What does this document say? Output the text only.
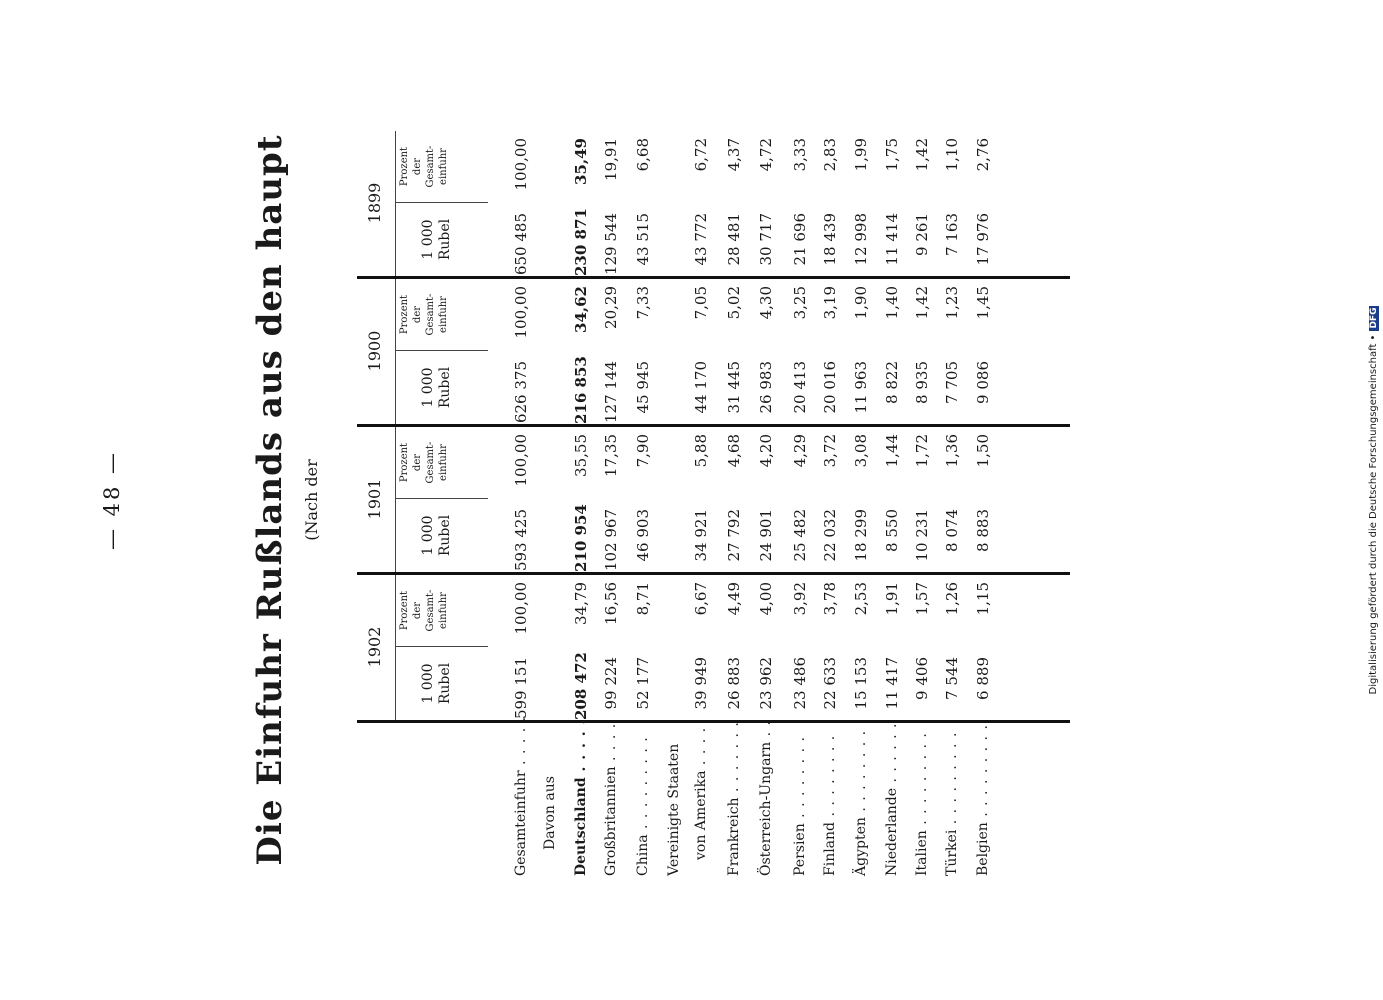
— 48 —	Die Einfuhr Rußlands aus den haupt (Nach der	Digitalisierung gefördert durch die Deutsche Forschungsgemeinschaft •DFG
1902
1 000
Rubel
Prozent
der
Gesamt-
einfuhr
1901
1 000
Rubel
Prozent
der
Gesamt-
einfuhr
1900
1 000
Rubel
Prozent
der
Gesamt-
einfuhr
1899
1 000
Rubel
Prozent
der
Gesamt-
einfuhr
Gesamteinfuhr . . . . .
599 151
100,00
593 425
100,00
626 375
100,00
650 485
100,00
Davon aus Deutschland . . . . .
208 472
34,79
210 954
35,55
216 853
34,62
230 871
35,49
Großbritannien . . . .
99 224
16,56
102 967
17,35
127 144
20,29
129 544
19,91
China . . . . . . . . .
52 177
8,71
46 903
7,90
45 945
7,33
43 515
6,68
Vereinigte Staaten von Amerika . . . .
39 949
6,67
34 921
5,88
44 170
7,05
43 772
6,72
Frankreich . . . . . . .
26 883
4,49
27 792
4,68
31 445
5,02
28 481
4,37
Österreich-Ungarn . .
23 962
4,00
24 901
4,20
26 983
4,30
30 717
4,72
Persien . . . . . . . .
23 486
3,92
25 482
4,29
20 413
3,25
21 696
3,33
Finland . . . . . . . .
22 633
3,78
22 032
3,72
20 016
3,19
18 439
2,83
Ägypten . . . . . . . .
15 153
2,53
18 299
3,08
11 963
1,90
12 998
1,99
Niederlande . . . . . .
11 417
1,91
8 550
1,44
8 822
1,40
11 414
1,75
Italien . . . . . . . . .
9 406
1,57
10 231
1,72
8 935
1,42
9 261
1,42
Türkei . . . . . . . . .
7 544
1,26
8 074
1,36
7 705
1,23
7 163
1,10
Belgien . . . . . . . . .
6 889
1,15
8 883
1,50
9 086
1,45
17 976
2,76
